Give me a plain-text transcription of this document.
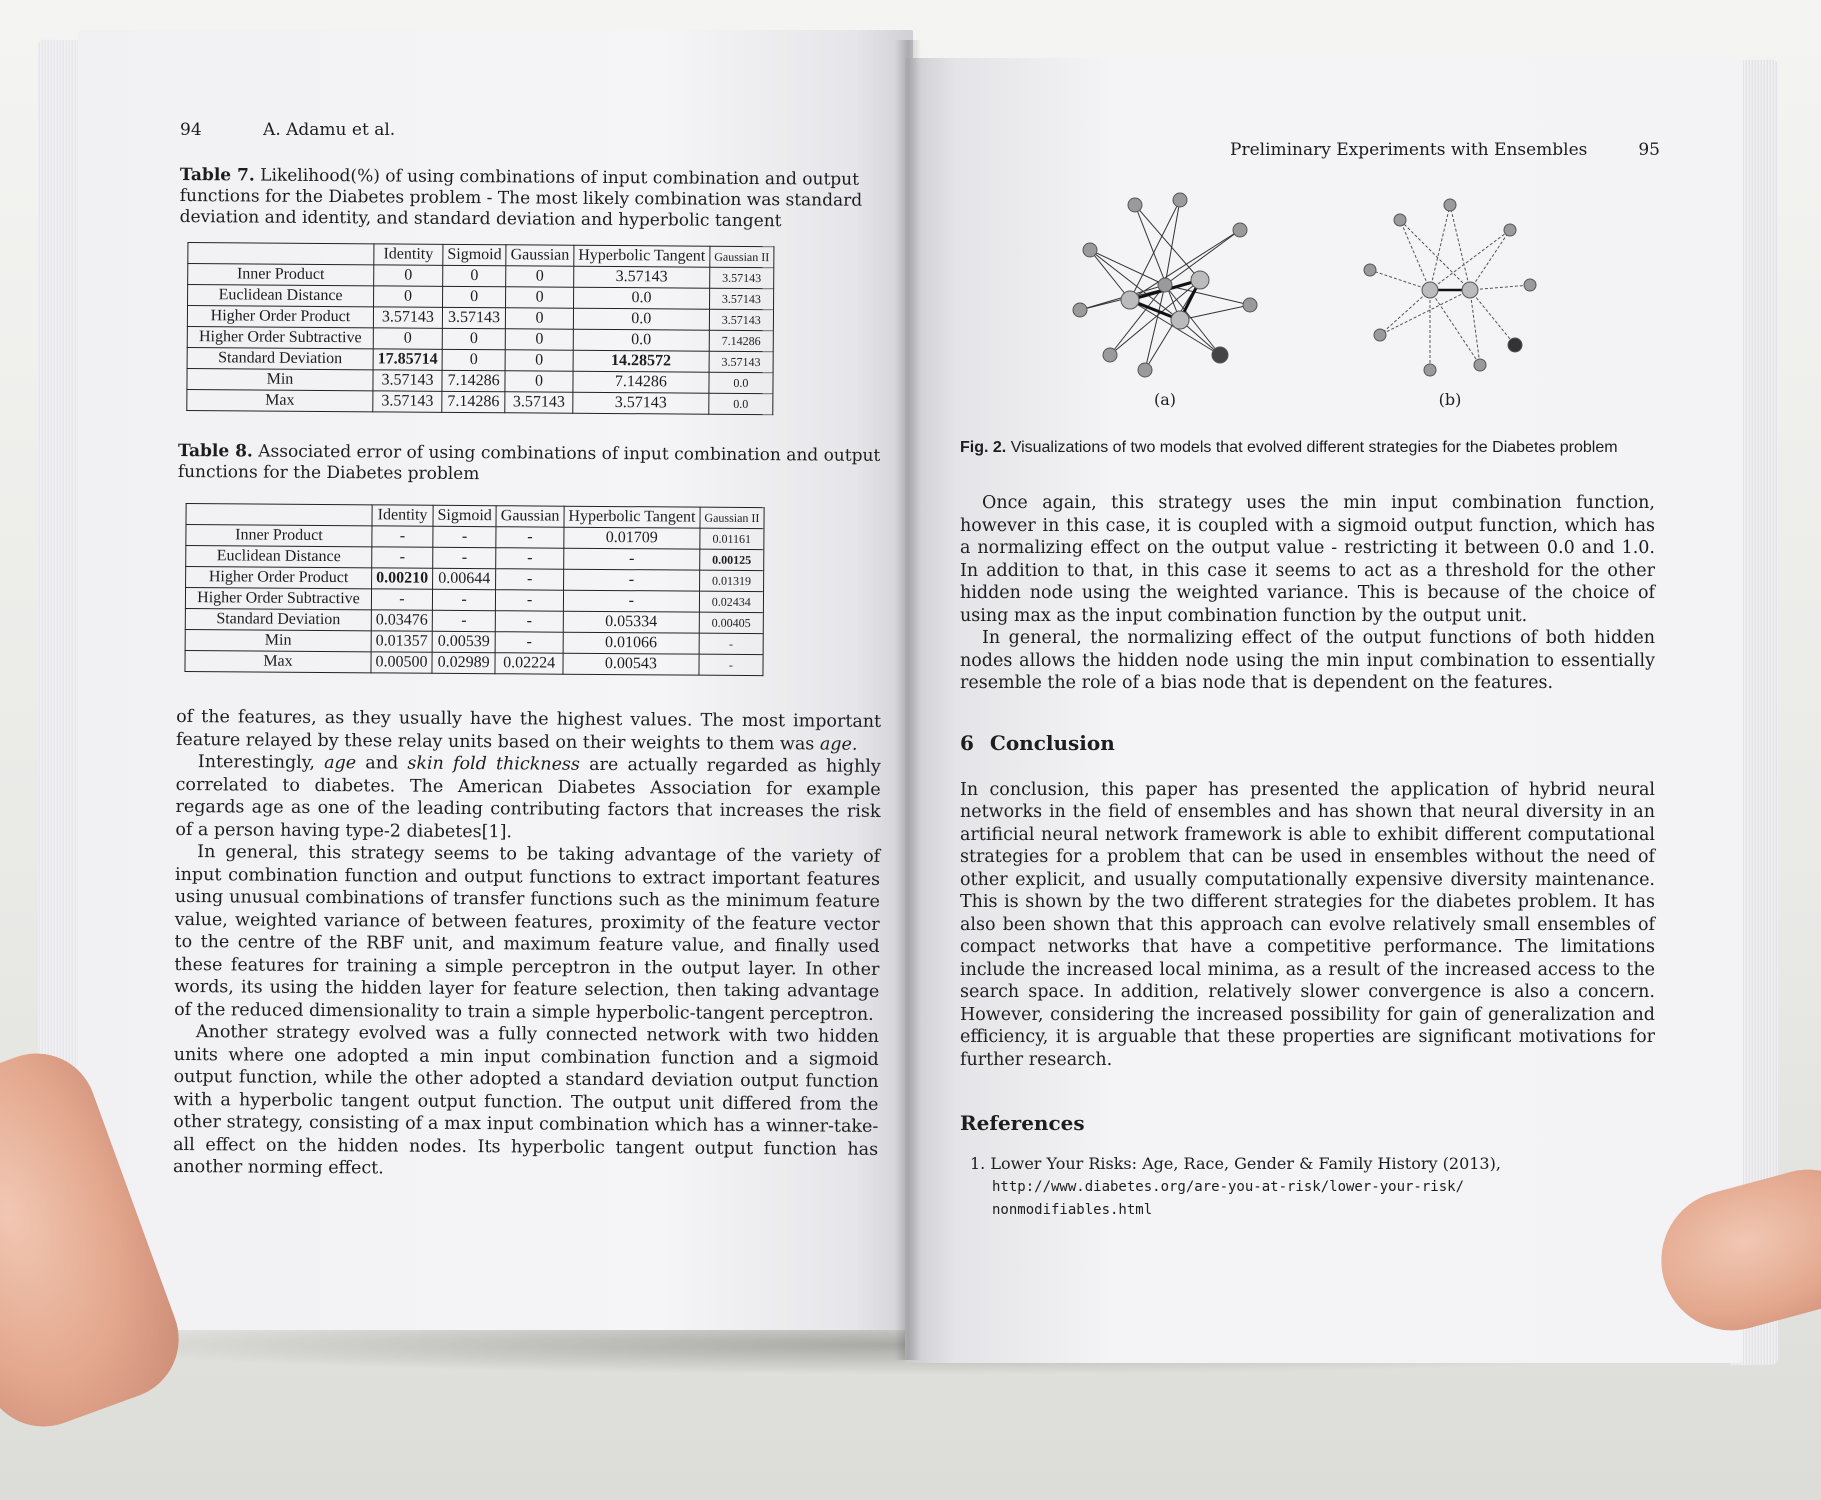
94	A. Adamu et al.
Table 7. Likelihood(%) of using combinations of input combination and output functions for the Diabetes problem - The most likely combination was standard deviation and identity, and standard deviation and hyperbolic tangent
	Identity	Sigmoid	Gaussian	Hyperbolic Tangent	Gaussian II
Inner Product	0	0	0	3.57143	3.57143
Euclidean Distance	0	0	0	0.0	3.57143
Higher Order Product	3.57143	3.57143	0	0.0	3.57143
Higher Order Subtractive	0	0	0	0.0	7.14286
Standard Deviation	17.85714	0	0	14.28572	3.57143
Min	3.57143	7.14286	0	7.14286	0.0
Max	3.57143	7.14286	3.57143	3.57143	0.0
Table 8. Associated error of using combinations of input combination and output functions for the Diabetes problem
	Identity	Sigmoid	Gaussian	Hyperbolic Tangent	Gaussian II
Inner Product	-	-	-	0.01709	0.01161
Euclidean Distance	-	-	-	-	0.00125
Higher Order Product	0.00210	0.00644	-	-	0.01319
Higher Order Subtractive	-	-	-	-	0.02434
Standard Deviation	0.03476	-	-	0.05334	0.00405
Min	0.01357	0.00539	-	0.01066	-
Max	0.00500	0.02989	0.02224	0.00543	-

of the features, as they usually have the highest values. The most important feature relayed by these relay units based on their weights to them was age.

Interestingly, age and skin fold thickness are actually regarded as highly correlated to diabetes. The American Diabetes Association for example regards age as one of the leading contributing factors that increases the risk of a person having type-2 diabetes[1].

In general, this strategy seems to be taking advantage of the variety of input combination function and output functions to extract important features using unusual combinations of transfer functions such as the minimum feature value, weighted variance of between features, proximity of the feature vector to the centre of the RBF unit, and maximum feature value, and finally used these features for training a simple perceptron in the output layer. In other words, its using the hidden layer for feature selection, then taking advantage of the reduced dimensionality to train a simple hyperbolic-tangent perceptron.

Another strategy evolved was a fully connected network with two hidden units where one adopted a min input combination function and a sigmoid output function, while the other adopted a standard deviation output function with a hyperbolic tangent output function. The output unit differed from the other strategy, consisting of a max input combination which has a winner-take-all effect on the hidden nodes. Its hyperbolic tangent output function has another norming effect.

Preliminary Experiments with Ensembles	95
(a)	(b)
Fig. 2. Visualizations of two models that evolved different strategies for the Diabetes problem

Once again, this strategy uses the min input combination function, however in this case, it is coupled with a sigmoid output function, which has a normalizing effect on the output value - restricting it between 0.0 and 1.0. In addition to that, in this case it seems to act as a threshold for the other hidden node using the weighted variance. This is because of the choice of using max as the input combination function by the output unit.

In general, the normalizing effect of the output functions of both hidden nodes allows the hidden node using the min input combination to essentially resemble the role of a bias node that is dependent on the features.

6 Conclusion

In conclusion, this paper has presented the application of hybrid neural networks in the field of ensembles and has shown that neural diversity in an artificial neural network framework is able to exhibit different computational strategies for a problem that can be used in ensembles without the need of other explicit, and usually computationally expensive diversity maintenance. This is shown by the two different strategies for the diabetes problem. It has also been shown that this approach can evolve relatively small ensembles of compact networks that have a competitive performance. The limitations include the increased local minima, as a result of the increased access to the search space. In addition, relatively slower convergence is also a concern. However, considering the increased possibility for gain of generalization and efficiency, it is arguable that these properties are significant motivations for further research.

References
1. Lower Your Risks: Age, Race, Gender & Family History (2013),
http://www.diabetes.org/are-you-at-risk/lower-your-risk/
nonmodifiables.html
